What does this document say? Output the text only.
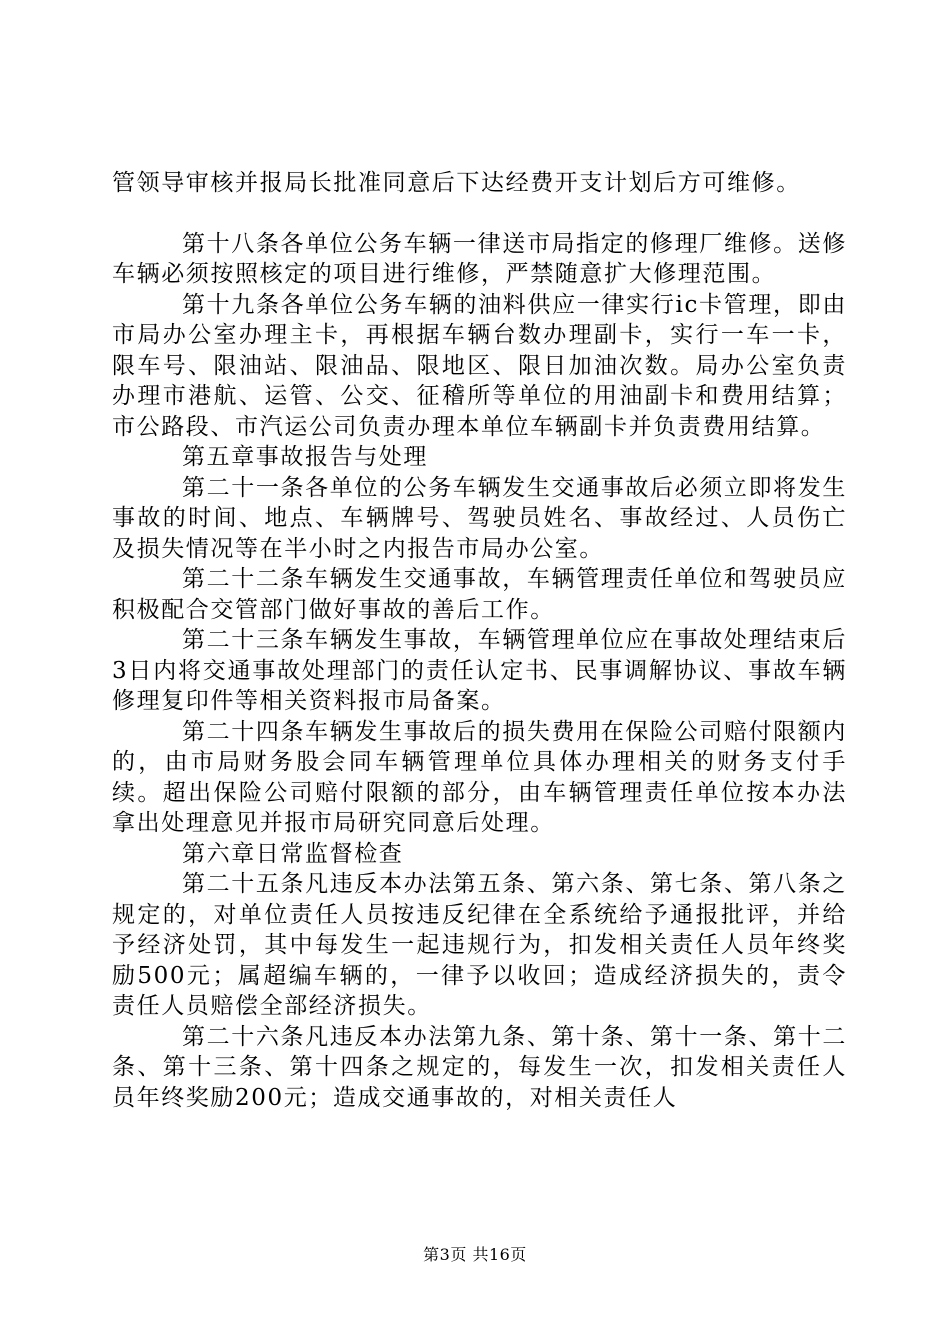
管领导审核并报局长批准同意后下达经费开支计划后方可维修。

第十八条各单位公务车辆一律送市局指定的修理厂维修。送修车辆必须按照核定的项目进行维修，严禁随意扩大修理范围。

第十九条各单位公务车辆的油料供应一律实行ic卡管理，即由市局办公室办理主卡，再根据车辆台数办理副卡，实行一车一卡，限车号、限油站、限油品、限地区、限日加油次数。局办公室负责办理市港航、运管、公交、征稽所等单位的用油副卡和费用结算；市公路段、市汽运公司负责办理本单位车辆副卡并负责费用结算。

第五章事故报告与处理

第二十一条各单位的公务车辆发生交通事故后必须立即将发生事故的时间、地点、车辆牌号、驾驶员姓名、事故经过、人员伤亡及损失情况等在半小时之内报告市局办公室。

第二十二条车辆发生交通事故，车辆管理责任单位和驾驶员应积极配合交管部门做好事故的善后工作。

第二十三条车辆发生事故，车辆管理单位应在事故处理结束后3日内将交通事故处理部门的责任认定书、民事调解协议、事故车辆修理复印件等相关资料报市局备案。

第二十四条车辆发生事故后的损失费用在保险公司赔付限额内的，由市局财务股会同车辆管理单位具体办理相关的财务支付手续。超出保险公司赔付限额的部分，由车辆管理责任单位按本办法拿出处理意见并报市局研究同意后处理。

第六章日常监督检查

第二十五条凡违反本办法第五条、第六条、第七条、第八条之规定的，对单位责任人员按违反纪律在全系统给予通报批评，并给予经济处罚，其中每发生一起违规行为，扣发相关责任人员年终奖励500元；属超编车辆的，一律予以收回；造成经济损失的，责令责任人员赔偿全部经济损失。

第二十六条凡违反本办法第九条、第十条、第十一条、第十二条、第十三条、第十四条之规定的，每发生一次，扣发相关责任人员年终奖励200元；造成交通事故的，对相关责任人

第3页 共16页
